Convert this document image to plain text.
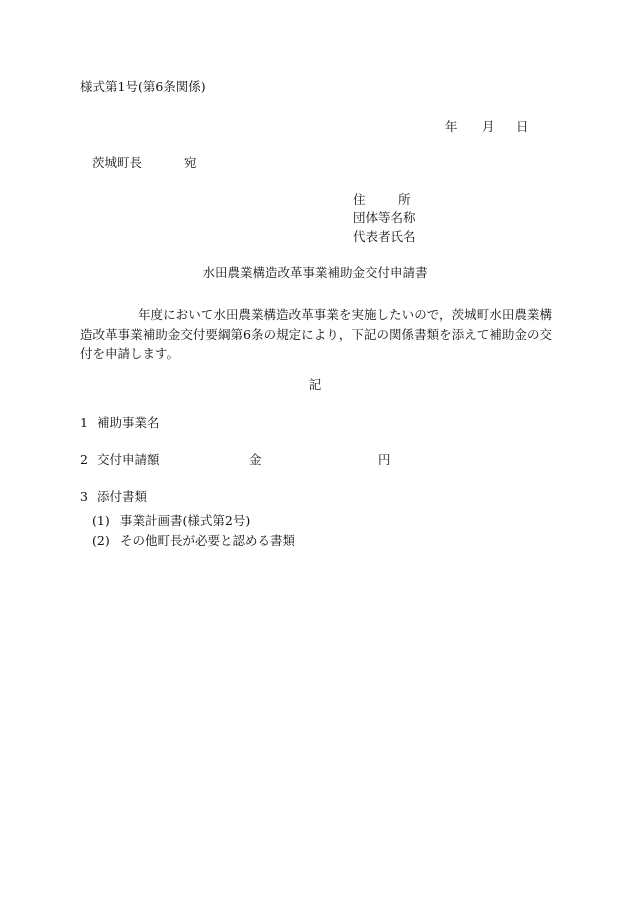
様式第1号(第6条関係)
年 月 日
茨城町長	宛
住	所
団体等名称
代表者氏名
水田農業構造改革事業補助金交付申請書
年度において水田農業構造改革事業を実施したいので，茨城町水田農業構造改革事業補助金交付要綱第6条の規定により，下記の関係書類を添えて補助金の交付を申請します。
記
1 補助事業名
2 交付申請額	金	円
3 添付書類
(1) 事業計画書(様式第2号)
(2) その他町長が必要と認める書類
